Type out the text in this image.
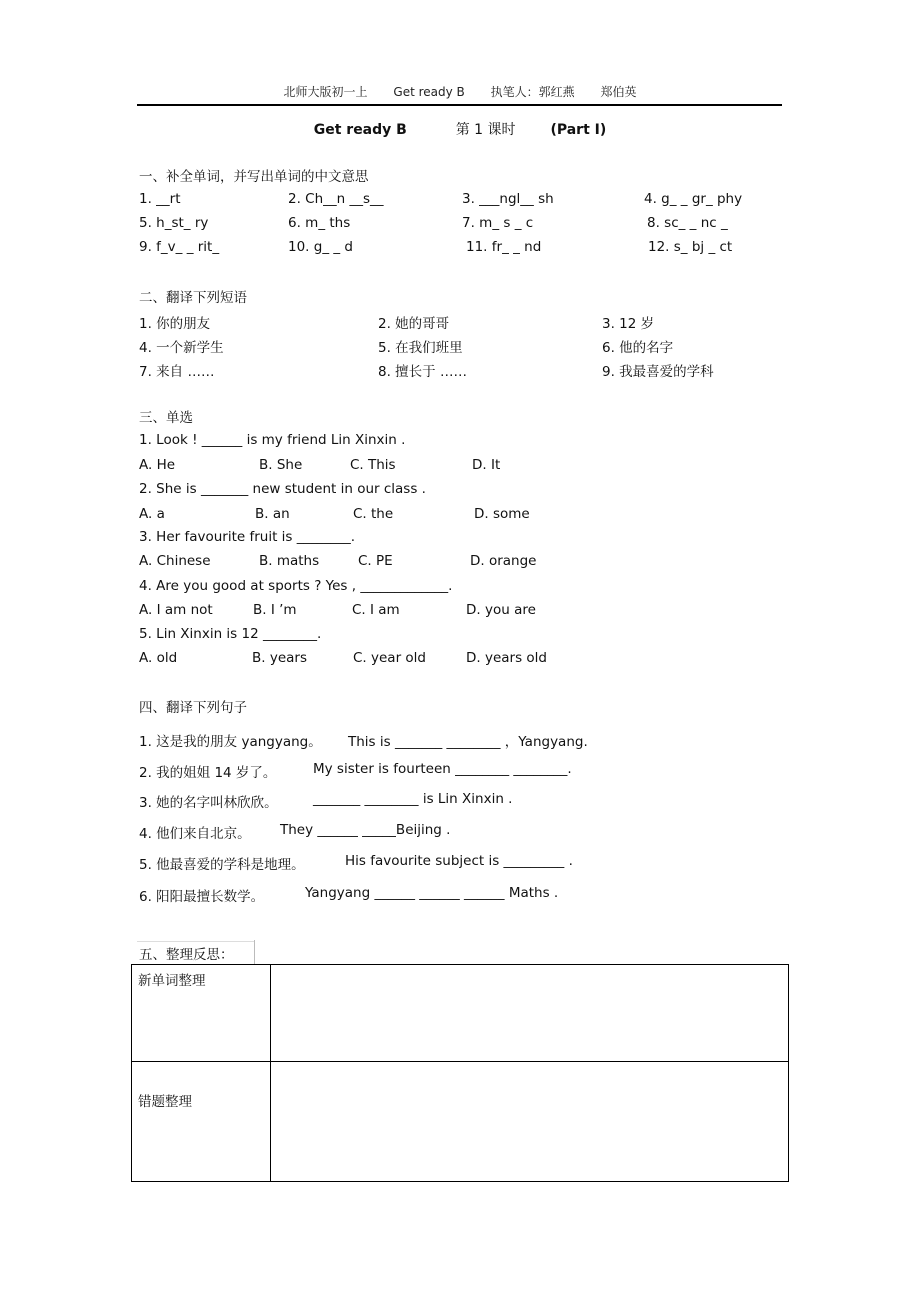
北师大版初一上 Get ready B 执笔人：郭红燕 郑伯英
Get ready B	第 1 课时 (Part Ⅰ)
一、补全单词，并写出单词的中文意思
1. __rt	2. Ch__n __s__	3. ___ngl__ sh	4. g_ _ gr_ phy
5. h_st_ ry	6. m_ ths	7. m_ s _ c	8. sc_ _ nc _
9. f_v_ _ rit_	10. g_ _ d	11. fr_ _ nd	12. s_ bj _ ct
二、翻译下列短语
1. 你的朋友	2. 她的哥哥	3. 12 岁
4. 一个新学生	5. 在我们班里	6. 他的名字
7. 来自 ……	8. 擅长于 ……	9. 我最喜爱的学科
三、单选
1. Look ! ______ is my friend Lin Xinxin .
A. He	B. She	C. This	D. It
2. She is _______ new student in our class .
A. a	B. an	C. the	D. some
3. Her favourite fruit is ________.
A. Chinese	B. maths	C. PE	D. orange
4. Are you good at sports ? Yes , _____________.
A. I am not	B. I ’m	C. I am	D. you are
5. Lin Xinxin is 12 ________.
A. old	B. years	C. year old	D. years old
四、翻译下列句子
1. 这是我的朋友 yangyang。 This is _______ ________ ，Yangyang.
2. 我的姐姐 14 岁了。	My sister is fourteen ________ ________.
3. 她的名字叫林欣欣。	_______ ________ is Lin Xinxin .
4. 他们来自北京。 They ______ _____Beijing .
5. 他最喜爱的学科是地理。	His favourite subject is _________ .
6. 阳阳最擅长数学。	Yangyang ______ ______ ______ Maths .
五、整理反思：
新单词整理	
错题整理	
